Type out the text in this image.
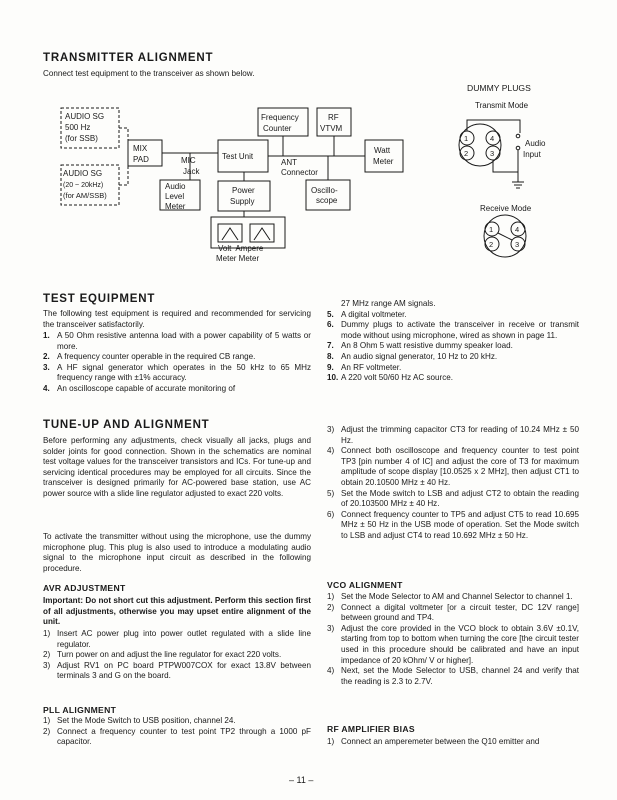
TRANSMITTER ALIGNMENT
Connect test equipment to the transceiver as shown below.
AUDIO SG
500 Hz
(for SSB)
AUDIO SG
(20 ~ 20kHz)
(for AM/SSB)
MIX
PAD	MIC
Jack
Audio
Level
Meter
Test Unit
Frequency
Counter
RF
VTVM
ANT
Connector
Watt
Meter
Oscillo-
scope
Power
Supply
Volt  Ampere
Meter Meter
DUMMY PLUGS
Transmit Mode
Audio
Input
Receive Mode
1	4
2	3
1	4
2	3
TEST EQUIPMENT
The following test equipment is required and recommended for servicing the transceiver satisfactorily.
1. A 50 Ohm resistive antenna load with a power capability of 5 watts or more.
2. A frequency counter operable in the required CB range.
3. A HF signal generator which operates in the 50 kHz to 65 MHz frequency range with ±1% accuracy.
4. An oscilloscope capable of accurate monitoring of
27 MHz range AM signals.
5. A digital voltmeter.
6. Dummy plugs to activate the transceiver in receive or transmit mode without using microphone, wired as shown in page 11.
7. An 8 Ohm 5 watt resistive dummy speaker load.
8. An audio signal generator, 10 Hz to 20 kHz.
9. An RF voltmeter.
10. A 220 volt 50/60 Hz AC source.
TUNE-UP AND ALIGNMENT
Before performing any adjustments, check visually all jacks, plugs and solder joints for good connection. Shown in the schematics are nominal test voltage values for the transceiver transistors and ICs. For tune-up and servicing identical procedures may be employed for all circuits. Since the transceiver is designed primarily for AC-powered base station, use AC power source with a slide line regulator adjusted to exact 220 volts.
To activate the transmitter without using the microphone, use the dummy microphone plug. This plug is also used to introduce a modulating audio signal to the microphone input circuit as described in the following procedure.
AVR ADJUSTMENT
Important: Do not short cut this adjustment. Perform this section first of all adjustments, otherwise you may upset entire alignment of the unit.
1) Insert AC power plug into power outlet regulated with a slide line regulator.
2) Turn power on and adjust the line regulator for exact 220 volts.
3) Adjust RV1 on PC board PTPW007COX for exact 13.8V between terminals 3 and G on the board.
PLL ALIGNMENT
1) Set the Mode Switch to USB position, channel 24.
2) Connect a frequency counter to test point TP2 through a 1000 pF capacitor.
3) Adjust the trimming capacitor CT3 for reading of 10.24 MHz ± 50 Hz.
4) Connect both oscilloscope and frequency counter to test point TP3 [pin number 4 of IC] and adjust the core of T3 for maximum amplitude of scope display [10.0525 x 2 MHz], then adjust CT1 to obtain 20.10500 MHz ± 40 Hz.
5) Set the Mode switch to LSB and adjust CT2 to obtain the reading of 20.103500 MHz ± 40 Hz.
6) Connect frequency counter to TP5 and adjust CT5 to read 10.695 MHz ± 50 Hz in the USB mode of operation. Set the Mode switch to LSB and adjust CT4 to read 10.692 MHz ± 50 Hz.
VCO ALIGNMENT
1) Set the Mode Selector to AM and Channel Selector to channel 1.
2) Connect a digital voltmeter [or a circuit tester, DC 12V range] between ground and TP4.
3) Adjust the core provided in the VCO block to obtain 3.6V ±0.1V, starting from top to bottom when turning the core [the circuit tester used in this procedure should be calibrated and have an input impedance of 20 kOhm/ V or higher].
4) Next, set the Mode Selector to USB, channel 24 and verify that the reading is 2.3 to 2.7V.
RF AMPLIFIER BIAS
1) Connect an amperemeter between the Q10 emitter and
– 11 –
